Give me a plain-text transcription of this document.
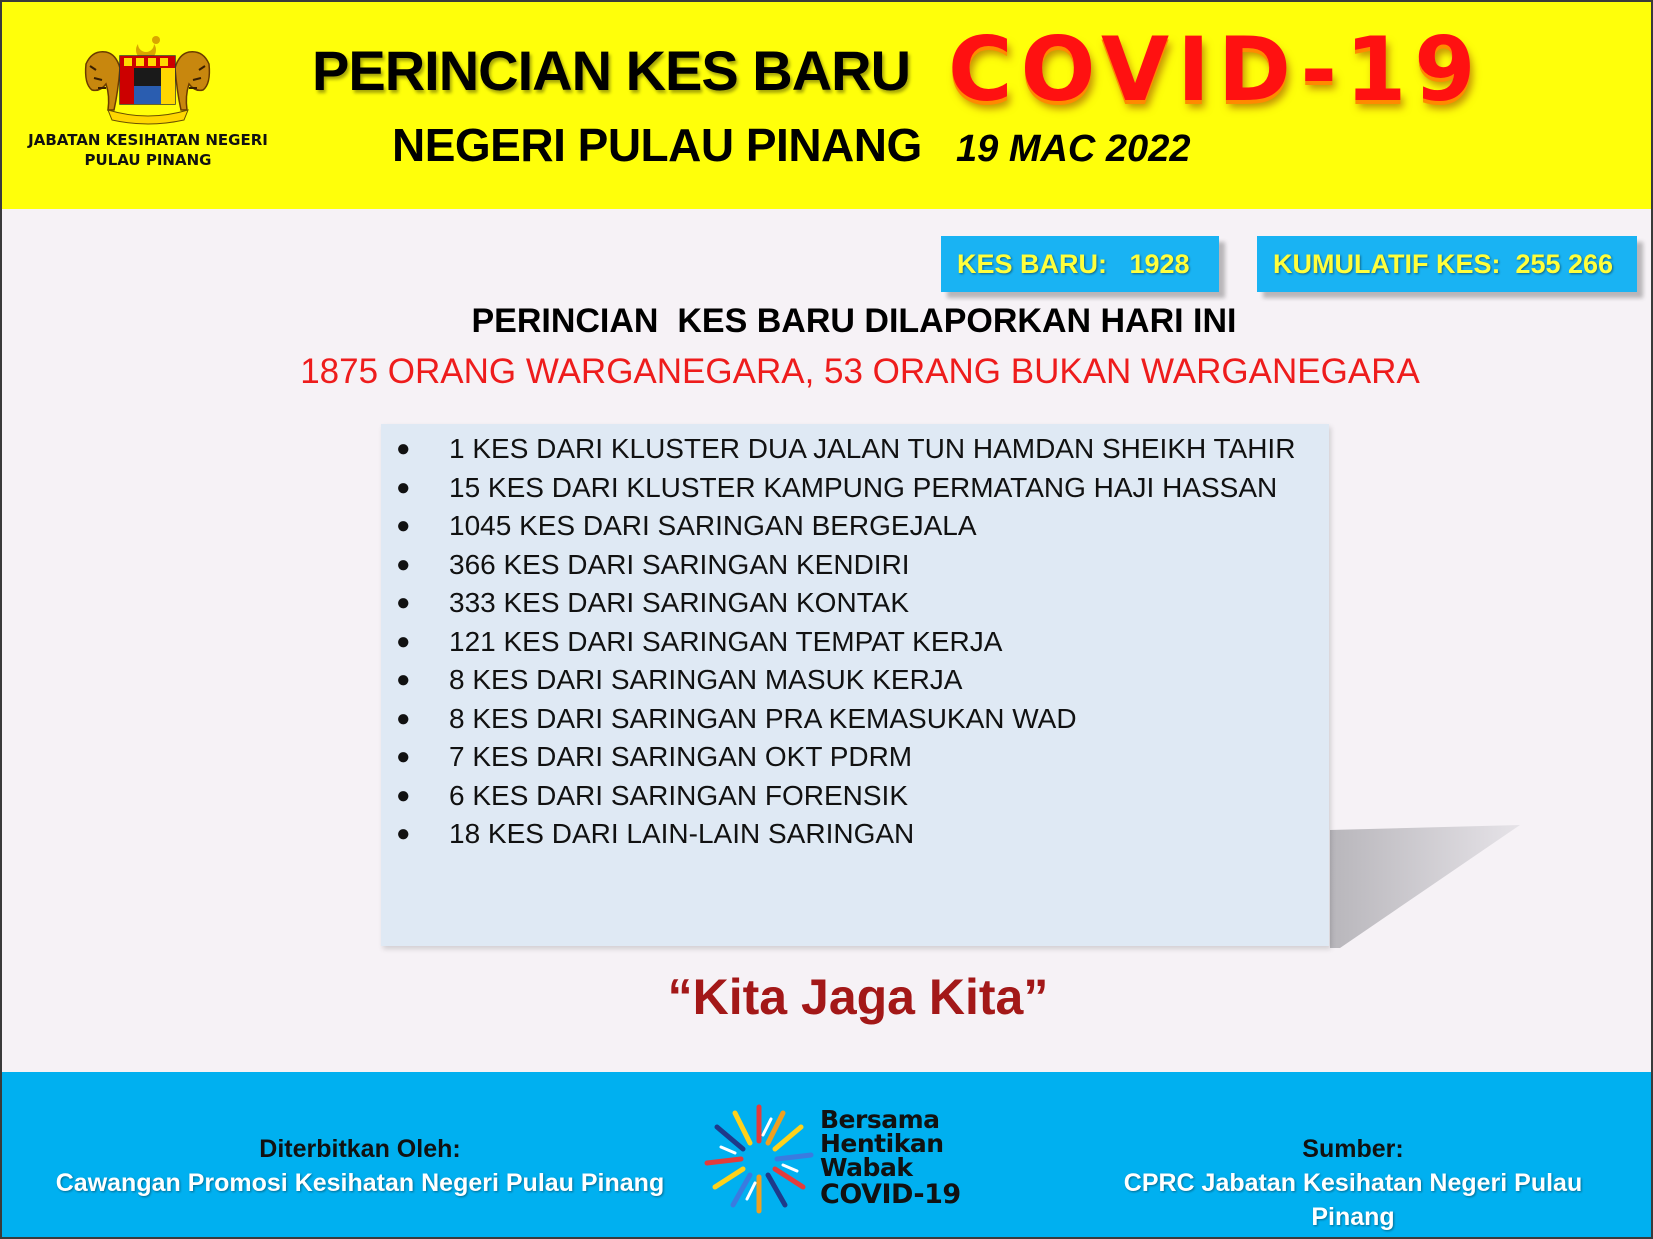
JABATAN KESIHATAN NEGERI
PULAU PINANG
PERINCIAN KES BARU COVID-19
NEGERI PULAU PINANG 19 MAC 2022
KES BARU:   1928	KUMULATIF KES:  255 266
PERINCIAN  KES BARU DILAPORKAN HARI INI
1875 ORANG WARGANEGARA, 53 ORANG BUKAN WARGANEGARA
● 1 KES DARI KLUSTER DUA JALAN TUN HAMDAN SHEIKH TAHIR
● 15 KES DARI KLUSTER KAMPUNG PERMATANG HAJI HASSAN
● 1045 KES DARI SARINGAN BERGEJALA
● 366 KES DARI SARINGAN KENDIRI
● 333 KES DARI SARINGAN KONTAK
● 121 KES DARI SARINGAN TEMPAT KERJA
● 8 KES DARI SARINGAN MASUK KERJA
● 8 KES DARI SARINGAN PRA KEMASUKAN WAD
● 7 KES DARI SARINGAN OKT PDRM
● 6 KES DARI SARINGAN FORENSIK
● 18 KES DARI LAIN-LAIN SARINGAN
“Kita Jaga Kita”
Diterbitkan Oleh:
Cawangan Promosi Kesihatan Negeri Pulau Pinang
Bersama
Hentikan
Wabak
COVID-19
Sumber:
CPRC Jabatan Kesihatan Negeri Pulau Pinang
